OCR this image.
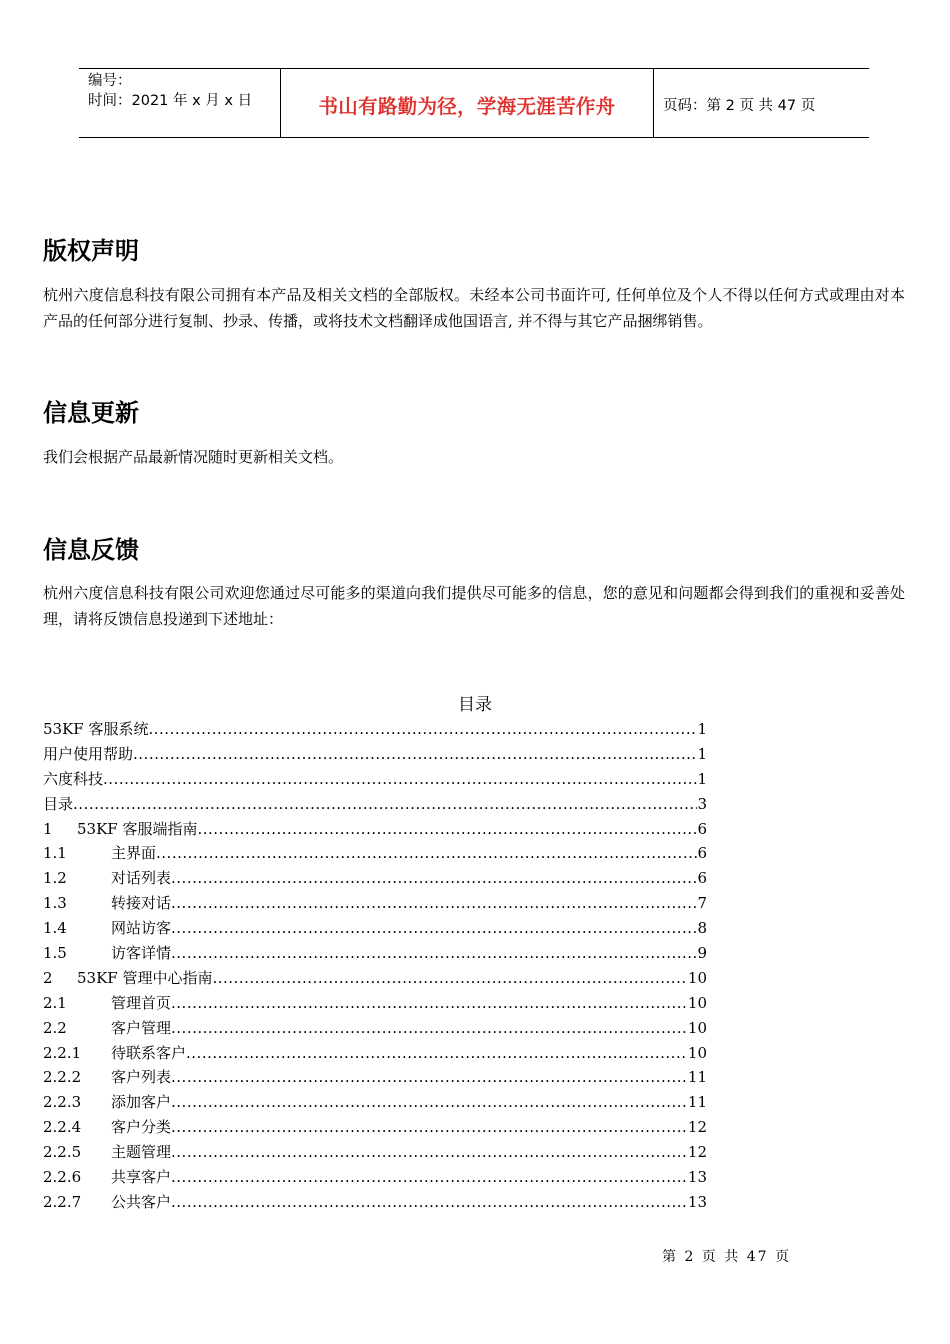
编号：
时间：2021 年 x 月 x 日	书山有路勤为径，学海无涯苦作舟	页码：第 2 页 共 47 页
版权声明

杭州六度信息科技有限公司拥有本产品及相关文档的全部版权。未经本公司书面许可, 任何单位及个人不得以任何方式或理由对本产品的任何部分进行复制、抄录、传播，或将技术文档翻译成他国语言, 并不得与其它产品捆绑销售。

信息更新

我们会根据产品最新情况随时更新相关文档。

信息反馈

杭州六度信息科技有限公司欢迎您通过尽可能多的渠道向我们提供尽可能多的信息，您的意见和问题都会得到我们的重视和妥善处理，请将反馈信息投递到下述地址：

目录
53KF 客服系统 .....	1
用户使用帮助 .....	1
六度科技 .....	1
目录 .....	3
1	53KF 客服端指南 .....	6
1.1	主界面 .....	6
1.2	对话列表 .....	6
1.3	转接对话 .....	7
1.4	网站访客 .....	8
1.5	访客详情 .....	9
2	53KF 管理中心指南 .....	10
2.1	管理首页 .....	10
2.2	客户管理 .....	10
2.2.1	待联系客户 .....	10
2.2.2	客户列表 .....	11
2.2.3	添加客户 .....	11
2.2.4	客户分类 .....	12
2.2.5	主题管理 .....	12
2.2.6	共享客户 .....	13
2.2.7	公共客户 .....	13
第 2 页 共 47 页
